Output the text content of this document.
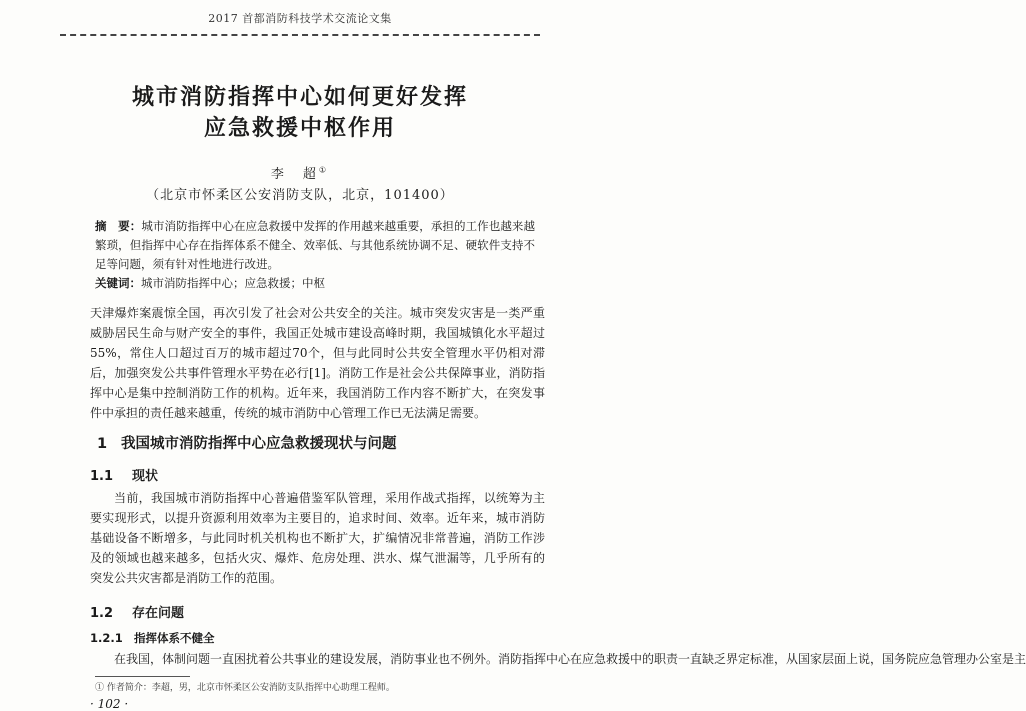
2017 首都消防科技学术交流论文集
城市消防指挥中心如何更好发挥
应急救援中枢作用
李　超①
（北京市怀柔区公安消防支队，北京，101400）
摘　要：城市消防指挥中心在应急救援中发挥的作用越来越重要，承担的工作也越来越繁琐，但指挥中心存在指挥体系不健全、效率低、与其他系统协调不足、硬软件支持不足等问题，须有针对性地进行改进。
关键词：城市消防指挥中心；应急救援；中枢
天津爆炸案震惊全国，再次引发了社会对公共安全的关注。城市突发灾害是一类严重威胁居民生命与财产安全的事件，我国正处城市建设高峰时期，我国城镇化水平超过55%，常住人口超过百万的城市超过70个，但与此同时公共安全管理水平仍相对滞后，加强突发公共事件管理水平势在必行[1]。消防工作是社会公共保障事业，消防指挥中心是集中控制消防工作的机构。近年来，我国消防工作内容不断扩大，在突发事件中承担的责任越来越重，传统的城市消防中心管理工作已无法满足需要。
1 我国城市消防指挥中心应急救援现状与问题
1.1 现状
当前，我国城市消防指挥中心普遍借鉴军队管理，采用作战式指挥，以统筹为主要实现形式，以提升资源利用效率为主要目的，追求时间、效率。近年来，城市消防基础设备不断增多，与此同时机关机构也不断扩大，扩编情况非常普遍，消防工作涉及的领域也越来越多，包括火灾、爆炸、危房处理、洪水、煤气泄漏等，几乎所有的突发公共灾害都是消防工作的范围。
1.2 存在问题
1.2.1 指挥体系不健全
在我国，体制问题一直困扰着公共事业的建设发展，消防事业也不例外。消防指挥中心在应急救援中的职责一直缺乏界定标准，从国家层面上说，国务院应急管理办公室是主
① 作者简介：李超，男，北京市怀柔区公安消防支队指挥中心助理工程师。
· 102 ·
